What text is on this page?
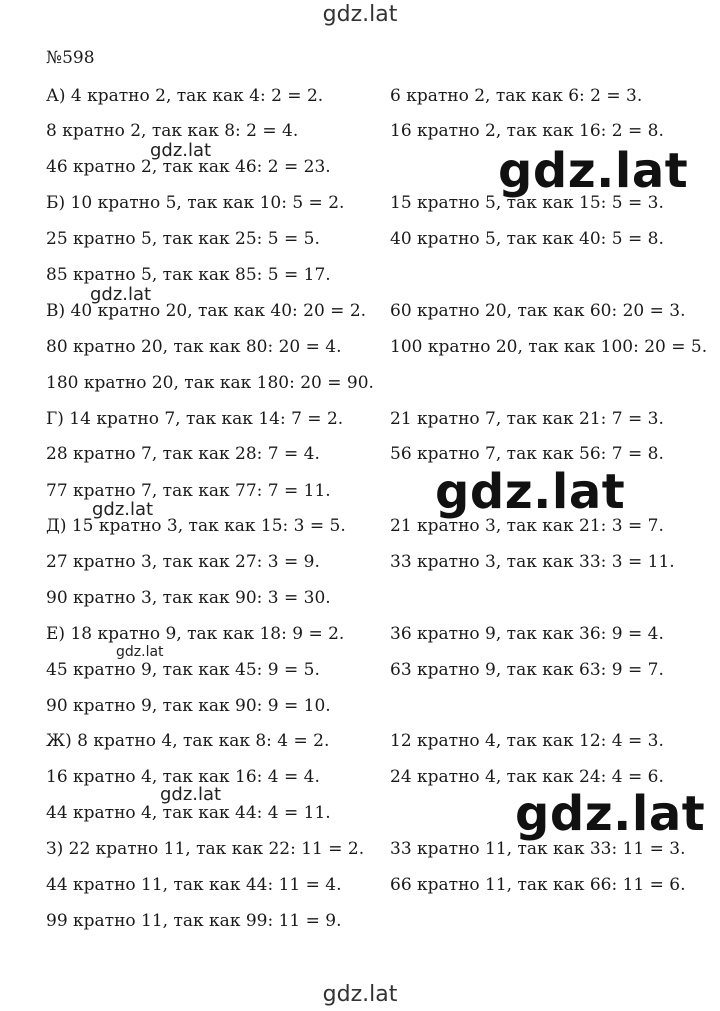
gdz.lat
№598
А) 4 кратно 2, так как 4: 2 = 2.	6 кратно 2, так как 6: 2 = 3.
8 кратно 2, так как 8: 2 = 4.	16 кратно 2, так как 16: 2 = 8.
46 кратно 2, так как 46: 2 = 23.
Б) 10 кратно 5, так как 10: 5 = 2.	15 кратно 5, так как 15: 5 = 3.
25 кратно 5, так как 25: 5 = 5.	40 кратно 5, так как 40: 5 = 8.
85 кратно 5, так как 85: 5 = 17.
В) 40 кратно 20, так как 40: 20 = 2. 60 кратно 20, так как 60: 20 = 3.
80 кратно 20, так как 80: 20 = 4.	100 кратно 20, так как 100: 20 = 5.
180 кратно 20, так как 180: 20 = 90.
Г) 14 кратно 7, так как 14: 7 = 2.	21 кратно 7, так как 21: 7 = 3.
28 кратно 7, так как 28: 7 = 4.	56 кратно 7, так как 56: 7 = 8.
77 кратно 7, так как 77: 7 = 11.
Д) 15 кратно 3, так как 15: 3 = 5.	21 кратно 3, так как 21: 3 = 7.
27 кратно 3, так как 27: 3 = 9.	33 кратно 3, так как 33: 3 = 11.
90 кратно 3, так как 90: 3 = 30.
Е) 18 кратно 9, так как 18: 9 = 2.	36 кратно 9, так как 36: 9 = 4.
45 кратно 9, так как 45: 9 = 5.	63 кратно 9, так как 63: 9 = 7.
90 кратно 9, так как 90: 9 = 10.
Ж) 8 кратно 4, так как 8: 4 = 2.	12 кратно 4, так как 12: 4 = 3.
16 кратно 4, так как 16: 4 = 4.	24 кратно 4, так как 24: 4 = 6.
44 кратно 4, так как 44: 4 = 11.
З) 22 кратно 11, так как 22: 11 = 2. 33 кратно 11, так как 33: 11 = 3.
44 кратно 11, так как 44: 11 = 4.	66 кратно 11, так как 66: 11 = 6.
99 кратно 11, так как 99: 11 = 9.
gdz.lat	gdz.lat
gdz.lat
gdz.lat
gdz.lat
gdz.lat
gdz.lat	gdz.lat
gdz.lat
